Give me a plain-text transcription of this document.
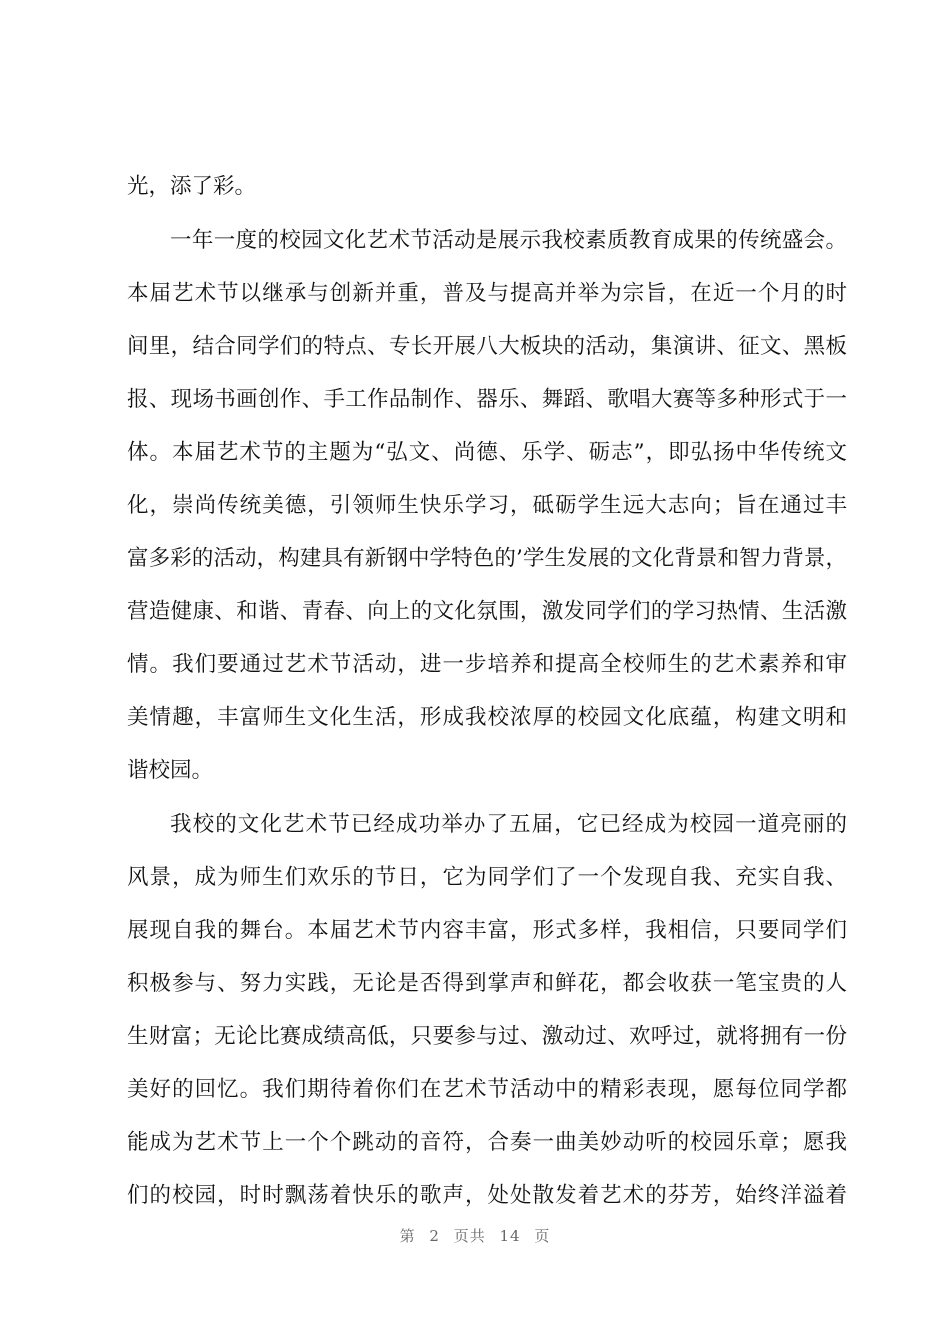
光，添了彩。
一年一度的校园文化艺术节活动是展示我校素质教育成果的传统盛会。
本届艺术节以继承与创新并重，普及与提高并举为宗旨，在近一个月的时
间里，结合同学们的特点、专长开展八大板块的活动，集演讲、征文、黑板
报、现场书画创作、手工作品制作、器乐、舞蹈、歌唱大赛等多种形式于一
体。本届艺术节的主题为“弘文、尚德、乐学、砺志”，即弘扬中华传统文
化，崇尚传统美德，引领师生快乐学习，砥砺学生远大志向；旨在通过丰
富多彩的活动，构建具有新钢中学特色的’学生发展的文化背景和智力背景，
营造健康、和谐、青春、向上的文化氛围，激发同学们的学习热情、生活激
情。我们要通过艺术节活动，进一步培养和提高全校师生的艺术素养和审
美情趣，丰富师生文化生活，形成我校浓厚的校园文化底蕴，构建文明和
谐校园。
我校的文化艺术节已经成功举办了五届，它已经成为校园一道亮丽的
风景，成为师生们欢乐的节日，它为同学们了一个发现自我、充实自我、
展现自我的舞台。本届艺术节内容丰富，形式多样，我相信，只要同学们
积极参与、努力实践，无论是否得到掌声和鲜花，都会收获一笔宝贵的人
生财富；无论比赛成绩高低，只要参与过、激动过、欢呼过，就将拥有一份
美好的回忆。我们期待着你们在艺术节活动中的精彩表现，愿每位同学都
能成为艺术节上一个个跳动的音符，合奏一曲美妙动听的校园乐章；愿我
们的校园，时时飘荡着快乐的歌声，处处散发着艺术的芬芳，始终洋溢着
第 2 页共 14 页
